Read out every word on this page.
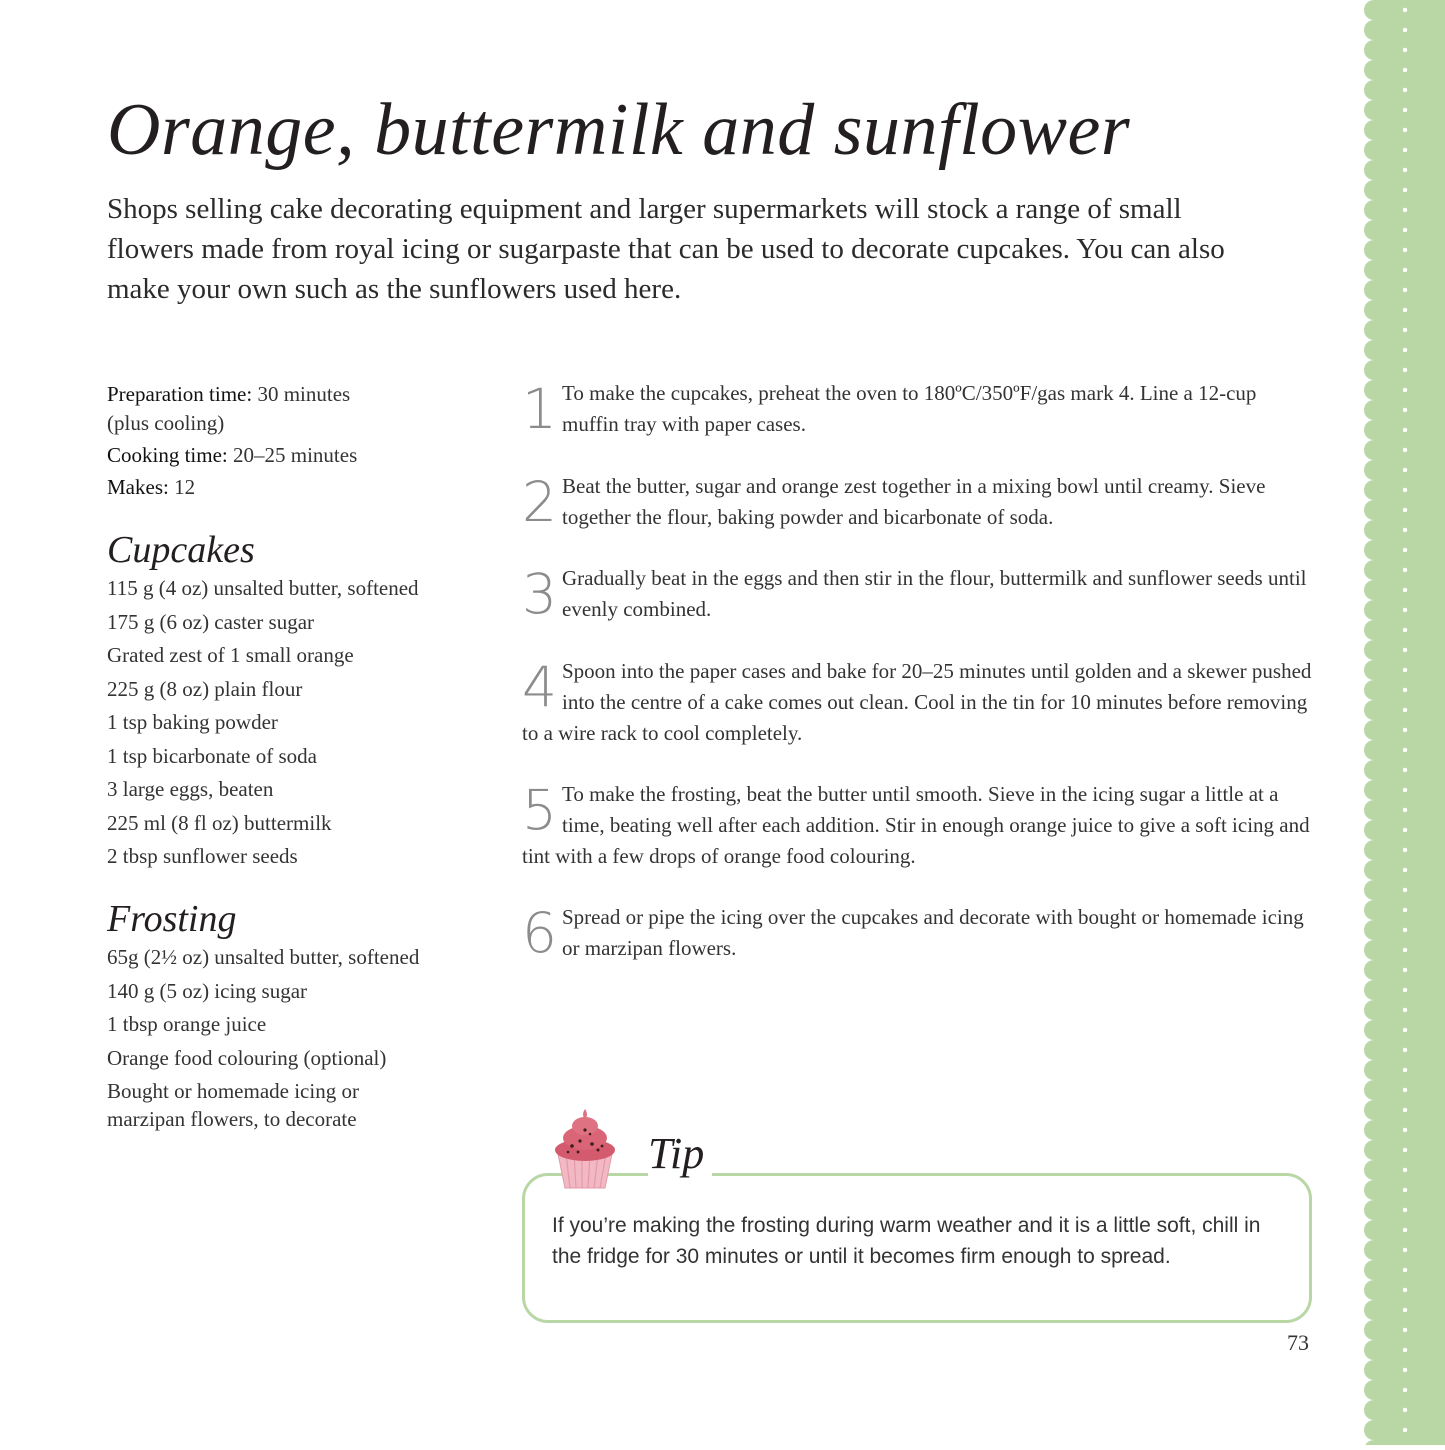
Orange, buttermilk and sunflower

Shops selling cake decorating equipment and larger supermarkets will stock a range of small flowers made from royal icing or sugarpaste that can be used to decorate cupcakes. You can also make your own such as the sunflowers used here.

Preparation time: 30 minutes
(plus cooling)
Cooking time: 20–25 minutes
Makes: 12
Cupcakes
115 g (4 oz) unsalted butter, softened
175 g (6 oz) caster sugar
Grated zest of 1 small orange
225 g (8 oz) plain flour
1 tsp baking powder
1 tsp bicarbonate of soda
3 large eggs, beaten
225 ml (8 fl oz) buttermilk
2 tbsp sunflower seeds
Frosting
65g (2½ oz) unsalted butter, softened
140 g (5 oz) icing sugar
1 tbsp orange juice
Orange food colouring (optional)
Bought or homemade icing or marzipan flowers, to decorate
1 To make the cupcakes, preheat the oven to 180ºC/350ºF/gas mark 4. Line a 12-cup muffin tray with paper cases.
2 Beat the butter, sugar and orange zest together in a mixing bowl until creamy. Sieve together the flour, baking powder and bicarbonate of soda.
3 Gradually beat in the eggs and then stir in the flour, buttermilk and sunflower seeds until evenly combined.
4 Spoon into the paper cases and bake for 20–25 minutes until golden and a skewer pushed into the centre of a cake comes out clean. Cool in the tin for 10 minutes before removing to a wire rack to cool completely.
5 To make the frosting, beat the butter until smooth. Sieve in the icing sugar a little at a time, beating well after each addition. Stir in enough orange juice to give a soft icing and tint with a few drops of orange food colouring.
6 Spread or pipe the icing over the cupcakes and decorate with bought or homemade icing or marzipan flowers.
Tip

If you’re making the frosting during warm weather and it is a little soft, chill in the fridge for 30 minutes or until it becomes firm enough to spread.

73
